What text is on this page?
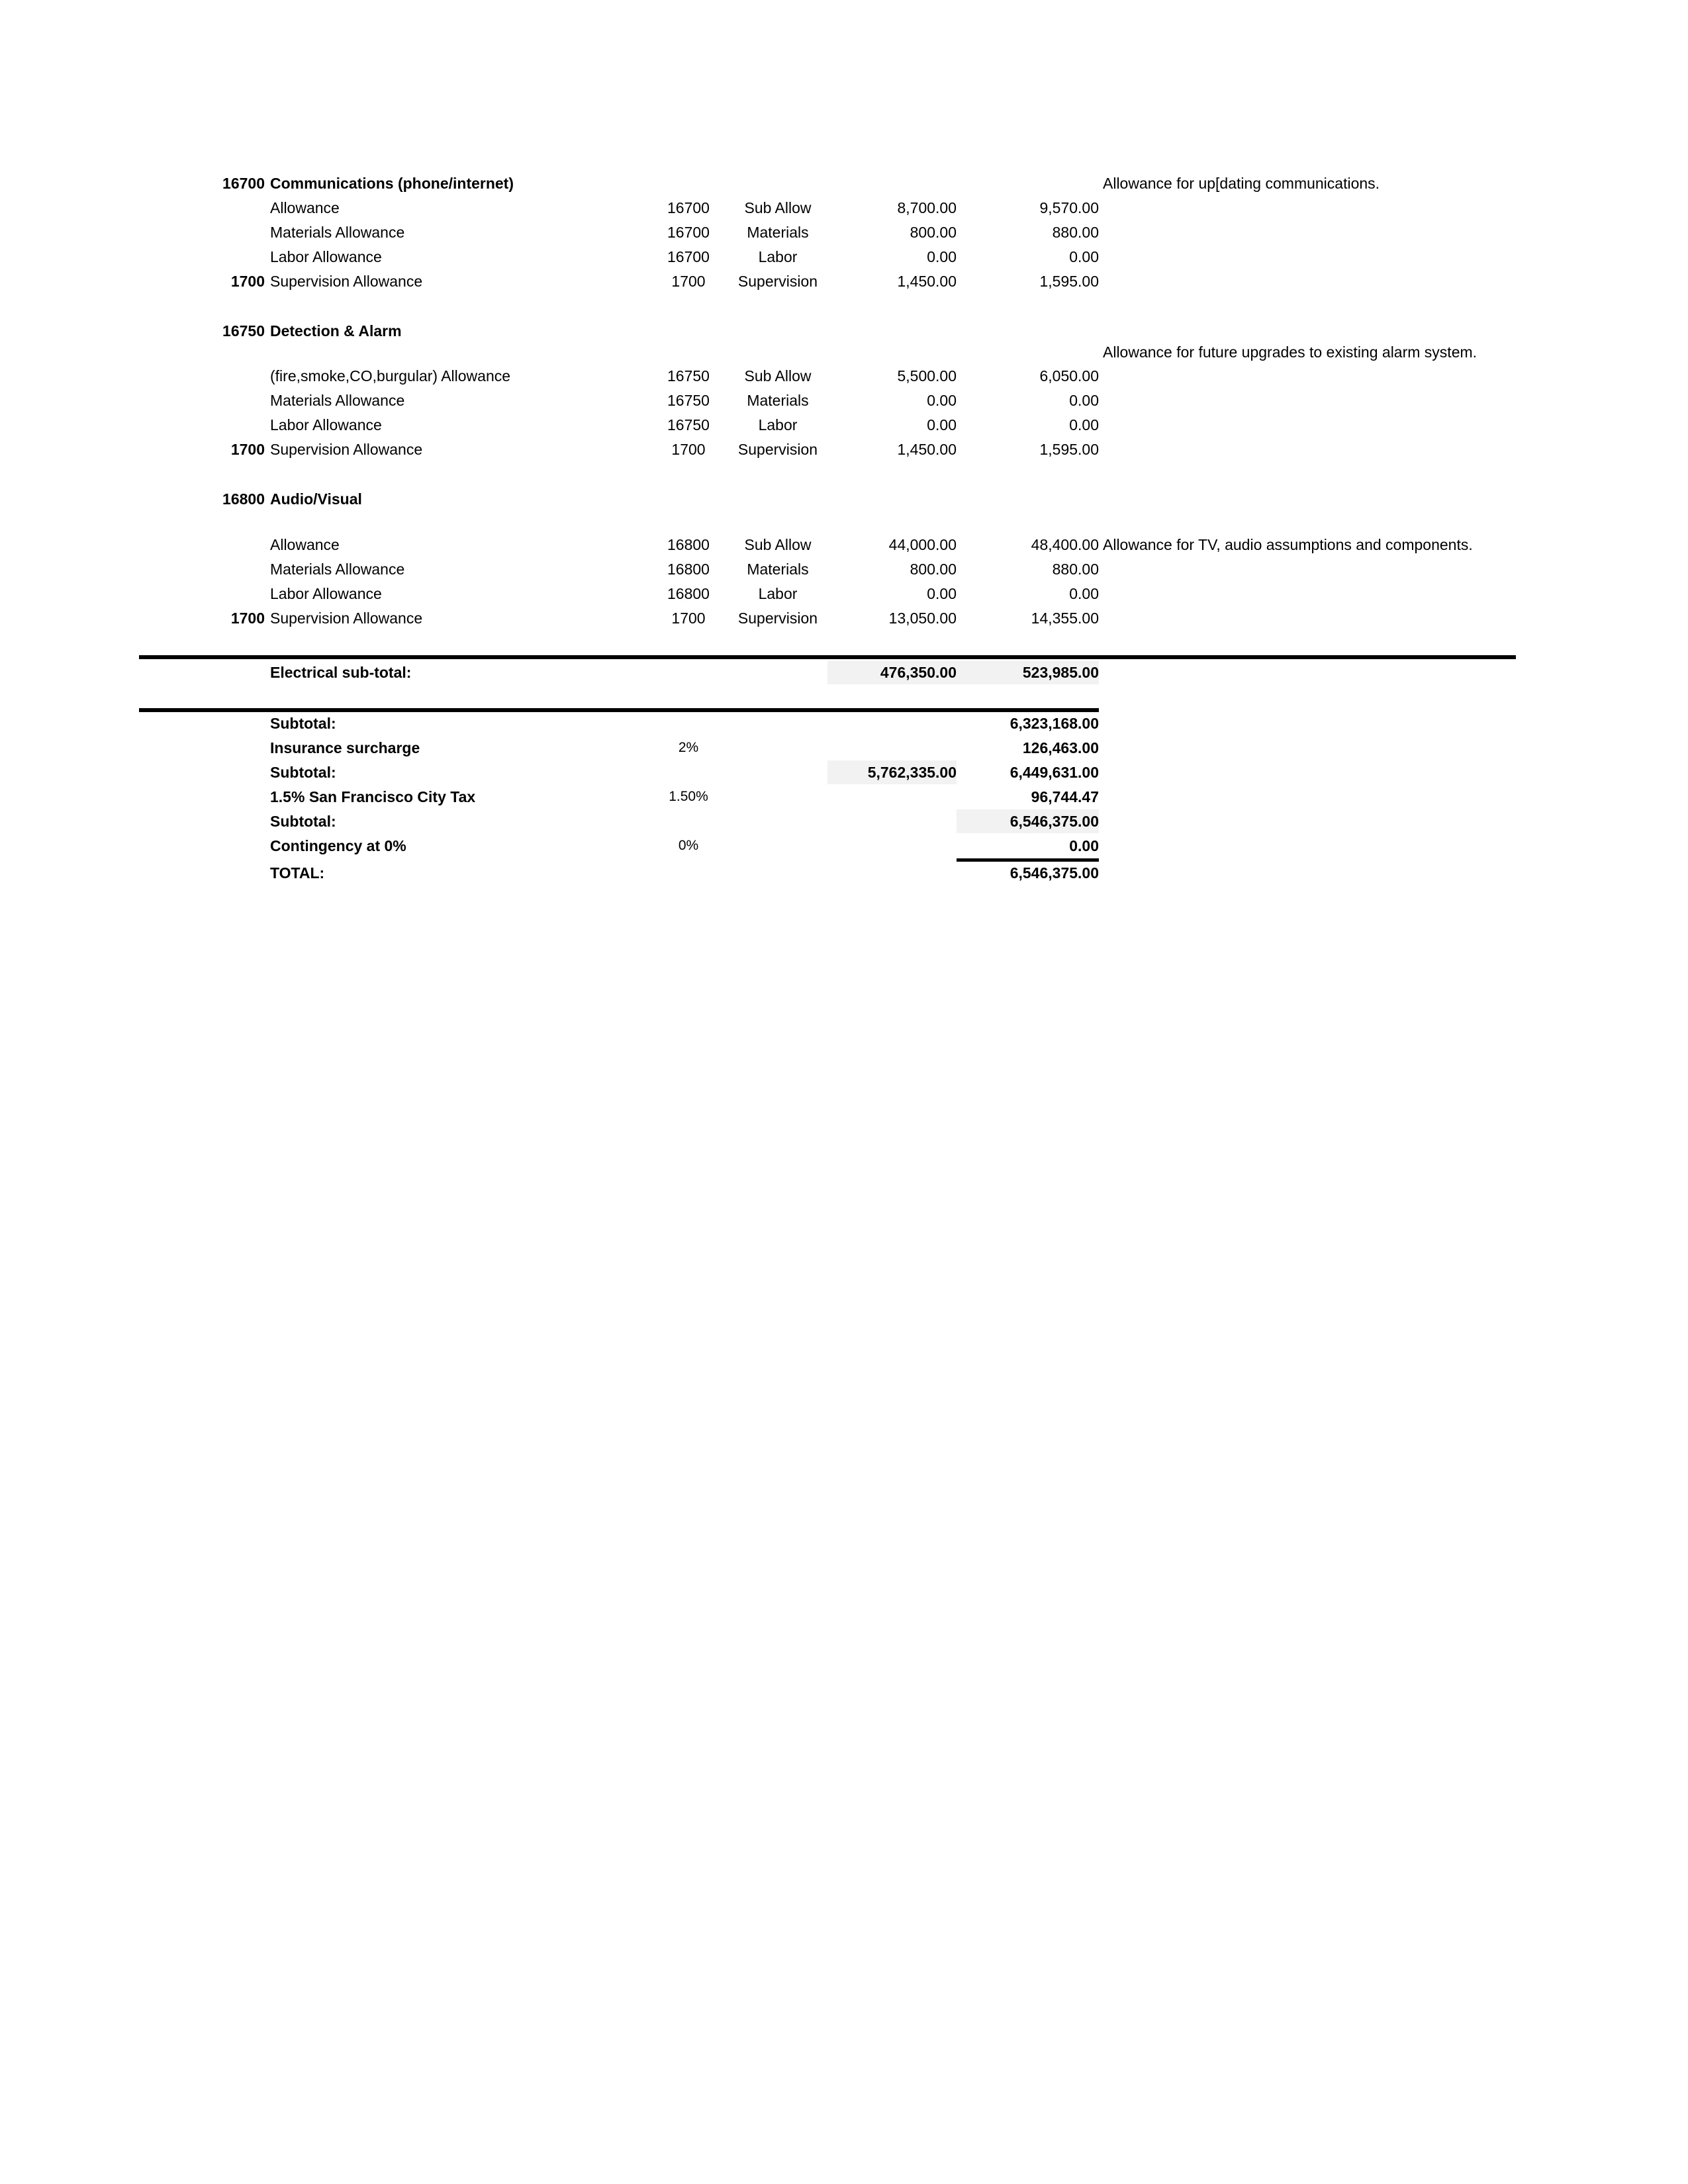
16700 Communications (phone/internet)	Allowance for up[dating communications.
Allowance	16700	Sub Allow	8,700.00	9,570.00
Materials Allowance	16700	Materials	800.00	880.00
Labor Allowance	16700	Labor	0.00	0.00
1700 Supervision Allowance	1700	Supervision	1,450.00	1,595.00
16750 Detection & Alarm
Allowance for future upgrades to existing alarm system.
(fire,smoke,CO,burgular) Allowance	16750	Sub Allow	5,500.00	6,050.00
Materials Allowance	16750	Materials	0.00	0.00
Labor Allowance	16750	Labor	0.00	0.00
1700 Supervision Allowance	1700	Supervision	1,450.00	1,595.00
16800 Audio/Visual
Allowance	16800	Sub Allow	44,000.00	48,400.00 Allowance for TV, audio assumptions and components.
Materials Allowance	16800	Materials	800.00	880.00
Labor Allowance	16800	Labor	0.00	0.00
1700 Supervision Allowance	1700	Supervision	13,050.00	14,355.00
Electrical sub-total:	476,350.00	523,985.00
Subtotal:	6,323,168.00
Insurance surcharge	2%	126,463.00
Subtotal:	5,762,335.00	6,449,631.00
1.5% San Francisco City Tax	1.50%	96,744.47
Subtotal:	6,546,375.00
Contingency at 0%	0%	0.00
TOTAL:	6,546,375.00
